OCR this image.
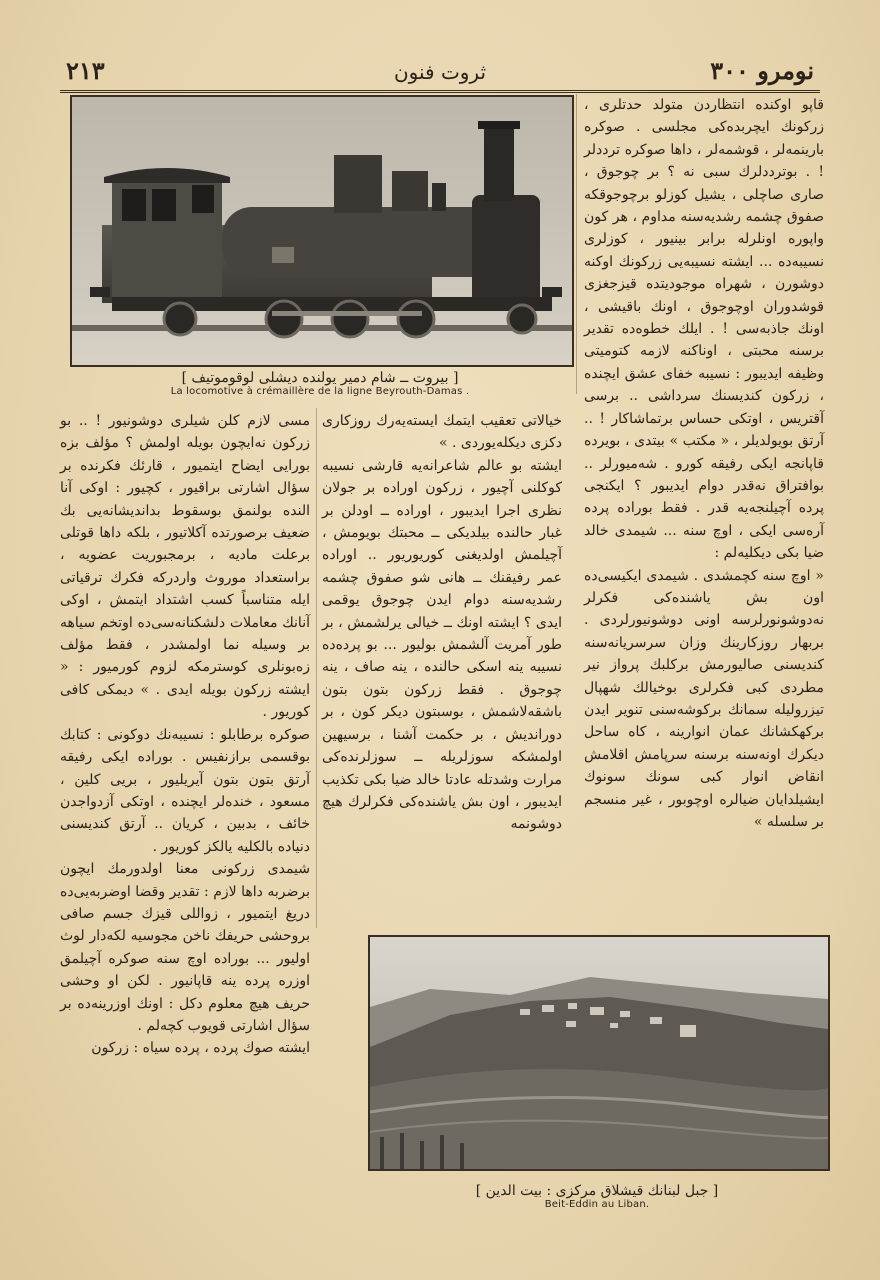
نومرو ٣٠٠
ثروت فنون
٢١٣
[ بیروت ــ شام دمیر یولنده دیشلی لوقوموتیف ]
La locomotive à crémaillère de la ligne Beyrouth-Damas .

قاپو اوكنده انتظاردن متولد حدتلری ، زركونك ایچربده‌كی مجلسی . صوكره بارینمه‌لر ، قوشمه‌لر ، داها صوكره ترددلر ! . بوترددلرك سبی نه ؟ بر چوجوق ، صاری صاچلی ، یشیل كوزلو برچوجوقكه صفوق چشمه رشدیه‌سنه مداوم ، هر كون واپوره اونلرله برابر بینیور ، كوزلری نسیبه‌ده ... ایشته نسیبه‌یی زركونك اوكنه دوشورن ، شهراه موجودیتده قیزجغزی قوشدوران اوچوجوق ، اونك باقیشی ، اونك جاذبه‌سی ! . ایلك خطوه‌ده تقدیر برسنه محبتی ، اوناكنه لازمه كتومیتی وظیفه ایدیبور : نسیبه خفای عشق ایچنده ، زركون كندیسنك سرداشی .. برسی آقتریس ، اوتكی حساس برتماشاكار ! .. آرتق بویولدیلر ، « مكتب » بیتدی ، بویرده قاپانجه ایكی رفیقه كورو . شه‌میورلر .. بوافتراق نه‌قدر دوام ایدیبور ؟ ایكنجی پرده آچیلنجه‌یه قدر . فقط بوراده پرده آره‌سی ایكی ، اوچ سنه ... شیمدی خالد ضیا بكی دیكلیه‌لم :

« اوچ سنه كچمشدی . شیمدی ایكیسی‌ده اون بش یاشنده‌كی فكرلر نه‌دوشونورلرسه اونی دوشونیورلردی . بربهار روزكارینك وزان سرسریانه‌سنه كندیسنی صالیورمش بركلبك پرواز نیر مطردی كبی فكرلری بوخیالك شهپال تیزرولیله سمانك بركوشه‌سنی تنویر ایدن بركهكشانك عمان انوارینه ، كاه ساحل دیكرك اونه‌سنه برسنه سرپامش اقلامش انقاض انوار كبی سونك سونوك ایشیلدایان ضیالره اوچوبور ، غیر منسجم بر سلسله »

خیالاتی تعقیب ایتمك ایسته‌یه‌رك روزكاری دكزی دیكله‌یوردی . »

ایشته بو عالم شاعرانه‌یه قارشی نسیبه كوكلنی آچیور ، زركون اوراده بر جولان نظری اجرا ایدیبور ، اوراده ــ اودلن بر غبار حالنده بیلدیكی ــ محبتك بویومش ، آچیلمش اولدیغنی كوریوریور .. اوراده عمر رفیقنك ــ هانی شو صفوق چشمه رشدیه‌سنه دوام ایدن چوجوق یوقمی ایدی ؟ ایشته اونك ــ خیالی یرلشمش ، بر طور آمریت آلشمش بولیور ... بو پرده‌ده نسیبه ینه اسكی حالنده ، ینه صاف ، ینه چوجوق . فقط زركون بتون بتون باشقه‌لاشمش ، بوسبتون دیكر كون ، بر دوراندیش ، بر حكمت آشنا ، برسیهین اولمشكه سوزلریله ــ سوزلرنده‌كی مرارت وشدتله عادتا خالد ضیا بكی تكذیب ایدیبور ، اون بش یاشنده‌كی فكرلرك هیچ دوشونمه‌

مسی لازم كلن شیلری دوشونیور ! .. بو زركون نه‌ایچون بویله اولمش ؟ مؤلف بزه بورایی ایضاح ایتمیور ، قارئك فكرنده بر سؤال اشارتی براقیور ، كچیور : اوكی آنا النده بولنمق بوسقوط بداندیشانه‌یی بك ضعیف برصورتده آكلاتیور ، بلكه داها قوتلی برعلت مادیه ، برمجبوریت عضویه ، براستعداد موروث واردركه فكرك ترقیاتی ایله متناسباً كسب اشتداد ایتمش ، اوكی آنانك معاملات دلشكنانه‌سی‌ده اوتخم سیاهه بر وسیله نما اولمشدر ، فقط مؤلف زه‌بونلری كوسترمكه لزوم كورمیور : « ایشته زركون بویله ایدی . » دیمكی كافی كوریور .

صوكره برطابلو : نسیبه‌نك دوكونی : كتابك بوقسمی برازنفیس . بوراده ایكی رفیقه آرتق بتون بتون آیریلیور ، بریی كلین ، مسعود ، خنده‌لر ایچنده ، اوتكی آزدواجدن خائف ، بدبین ، كریان .. آرتق كندیسنی دنیاده بالكلیه یالكز كوریور .

شیمدی زركونی معنا اولدورمك ایچون برضربه داها لازم : تقدیر وقضا اوضربه‌یی‌ده دریغ ایتمیور ، زواللی قیزك جسم صافی بروحشی حریفك ناخن مجوسیه لكه‌دار لوث اولیور ... بوراده اوچ سنه صوكره آچیلمق اوزره پرده ینه قاپانیور . لكن او وحشی حریف هیچ معلوم دكل : اونك اوزرینه‌ده بر سؤال اشارتی قویوب كچه‌لم .

ایشته صوك پرده ، پرده سیاه : زركون

[ جبل لبنانك قیشلاق مركزی : بیت الدین ]
Beit-Eddin au Liban.
